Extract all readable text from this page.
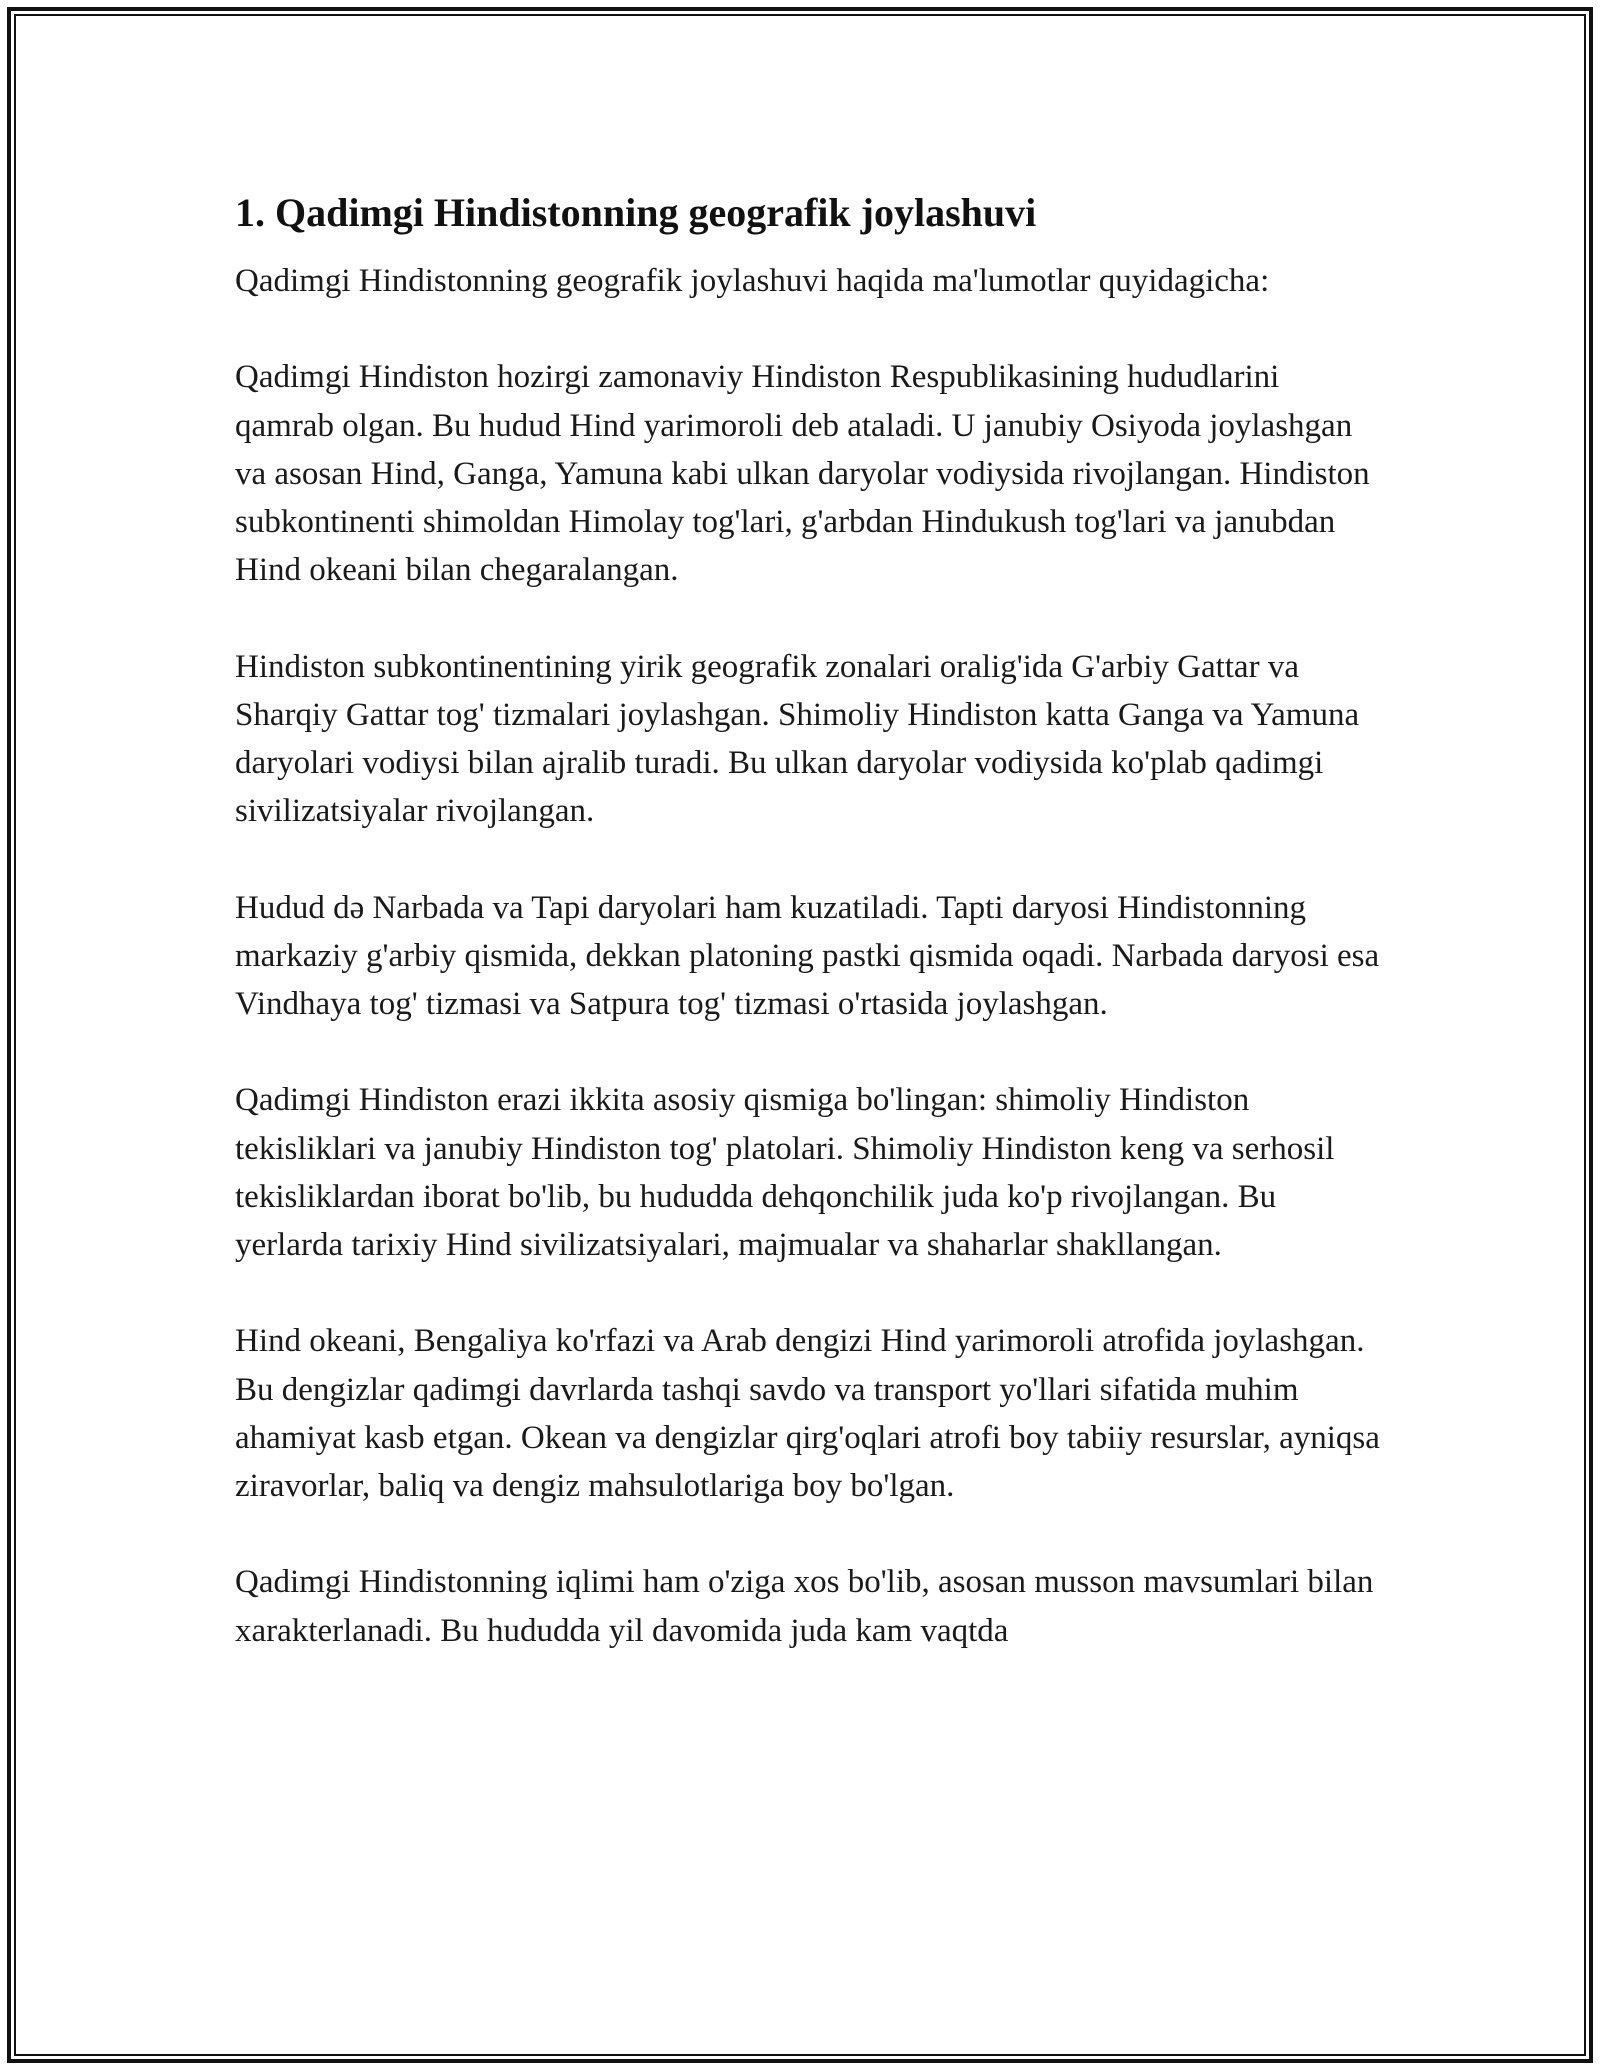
1. Qadimgi Hindistonning geografik joylashuvi

Qadimgi Hindistonning geografik joylashuvi haqida ma'lumotlar quyidagicha:

Qadimgi Hindiston hozirgi zamonaviy Hindiston Respublikasining hududlarini qamrab olgan. Bu hudud Hind yarimoroli deb ataladi. U janubiy Osiyoda joylashgan va asosan Hind, Ganga, Yamuna kabi ulkan daryolar vodiysida rivojlangan. Hindiston subkontinenti shimoldan Himolay tog'lari, g'arbdan Hindukush tog'lari va janubdan Hind okeani bilan chegaralangan.

Hindiston subkontinentining yirik geografik zonalari oralig'ida G'arbiy Gattar va Sharqiy Gattar tog' tizmalari joylashgan. Shimoliy Hindiston katta Ganga va Yamuna daryolari vodiysi bilan ajralib turadi. Bu ulkan daryolar vodiysida ko'plab qadimgi sivilizatsiyalar rivojlangan.

Hudud də Narbada va Tapi daryolari ham kuzatiladi. Tapti daryosi Hindistonning markaziy g'arbiy qismida, dekkan platoning pastki qismida oqadi. Narbada daryosi esa Vindhaya tog' tizmasi va Satpura tog' tizmasi o'rtasida joylashgan.

Qadimgi Hindiston erazi ikkita asosiy qismiga bo'lingan: shimoliy Hindiston tekisliklari va janubiy Hindiston tog' platolari. Shimoliy Hindiston keng va serhosil tekisliklardan iborat bo'lib, bu hududda dehqonchilik juda ko'p rivojlangan. Bu yerlarda tarixiy Hind sivilizatsiyalari, majmualar va shaharlar shakllangan.

Hind okeani, Bengaliya ko'rfazi va Arab dengizi Hind yarimoroli atrofida joylashgan. Bu dengizlar qadimgi davrlarda tashqi savdo va transport yo'llari sifatida muhim ahamiyat kasb etgan. Okean va dengizlar qirg'oqlari atrofi boy tabiiy resurslar, ayniqsa ziravorlar, baliq va dengiz mahsulotlariga boy bo'lgan.

Qadimgi Hindistonning iqlimi ham o'ziga xos bo'lib, asosan musson mavsumlari bilan xarakterlanadi. Bu hududda yil davomida juda kam vaqtda
